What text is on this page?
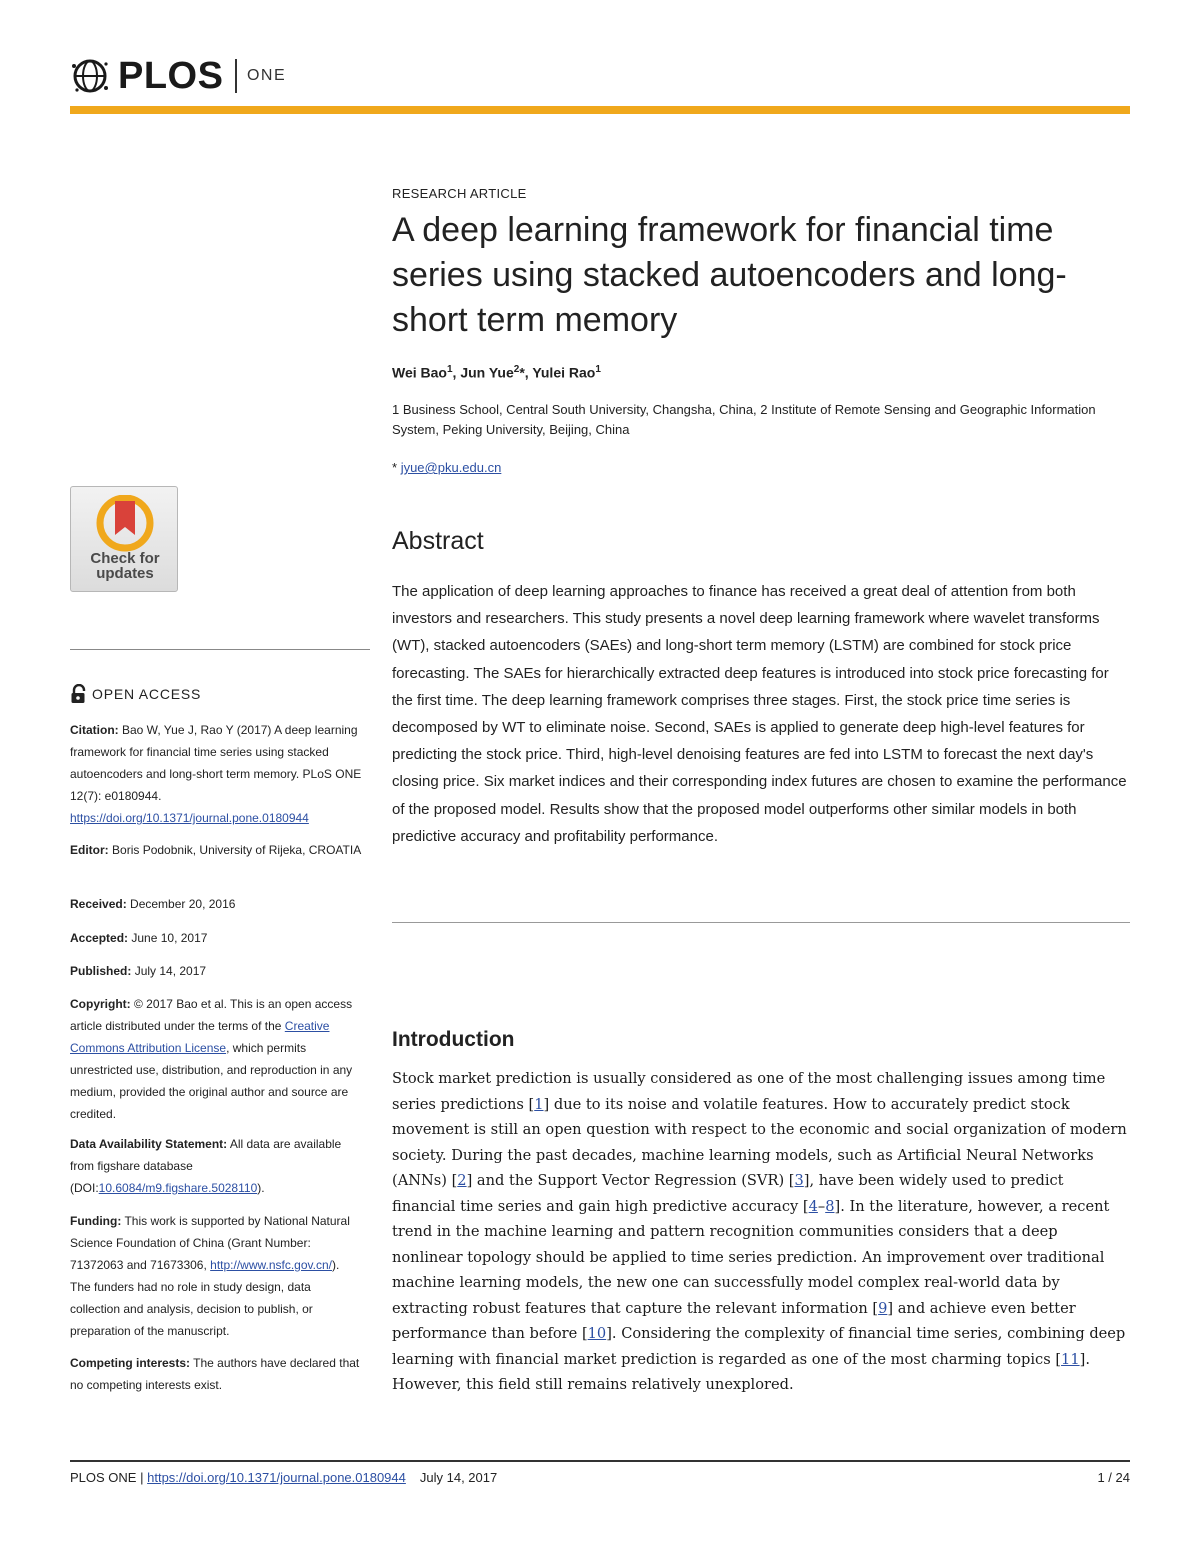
PLOS ONE
Check for
updates
OPEN ACCESS
Citation: Bao W, Yue J, Rao Y (2017) A deep learning framework for financial time series using stacked autoencoders and long-short term memory. PLoS ONE 12(7): e0180944. https://doi.org/10.1371/journal.pone.0180944
Editor: Boris Podobnik, University of Rijeka, CROATIA
Received: December 20, 2016
Accepted: June 10, 2017
Published: July 14, 2017
Copyright: © 2017 Bao et al. This is an open access article distributed under the terms of the Creative Commons Attribution License, which permits unrestricted use, distribution, and reproduction in any medium, provided the original author and source are credited.
Data Availability Statement: All data are available from figshare database (DOI:10.6084/m9.figshare.5028110).
Funding: This work is supported by National Natural Science Foundation of China (Grant Number: 71372063 and 71673306, http://www.nsfc.gov.cn/). The funders had no role in study design, data collection and analysis, decision to publish, or preparation of the manuscript.
Competing interests: The authors have declared that no competing interests exist.
RESEARCH ARTICLE
A deep learning framework for financial time series using stacked autoencoders and long-short term memory
Wei Bao$^1$, Jun Yue$^2$*, Yulei Rao$^1$
1 Business School, Central South University, Changsha, China, 2 Institute of Remote Sensing and Geographic Information System, Peking University, Beijing, China
* jyue@pku.edu.cn
Abstract

The application of deep learning approaches to finance has received a great deal of attention from both investors and researchers. This study presents a novel deep learning framework where wavelet transforms (WT), stacked autoencoders (SAEs) and long-short term memory (LSTM) are combined for stock price forecasting. The SAEs for hierarchically extracted deep features is introduced into stock price forecasting for the first time. The deep learning framework comprises three stages. First, the stock price time series is decomposed by WT to eliminate noise. Second, SAEs is applied to generate deep high-level features for predicting the stock price. Third, high-level denoising features are fed into LSTM to forecast the next day's closing price. Six market indices and their corresponding index futures are chosen to examine the performance of the proposed model. Results show that the proposed model outperforms other similar models in both predictive accuracy and profitability performance.

Introduction

Stock market prediction is usually considered as one of the most challenging issues among time series predictions [1] due to its noise and volatile features. How to accurately predict stock movement is still an open question with respect to the economic and social organization of modern society. During the past decades, machine learning models, such as Artificial Neural Networks (ANNs) [2] and the Support Vector Regression (SVR) [3], have been widely used to predict financial time series and gain high predictive accuracy [4–8]. In the literature, however, a recent trend in the machine learning and pattern recognition communities considers that a deep nonlinear topology should be applied to time series prediction. An improvement over traditional machine learning models, the new one can successfully model complex real-world data by extracting robust features that capture the relevant information [9] and achieve even better performance than before [10]. Considering the complexity of financial time series, combining deep learning with financial market prediction is regarded as one of the most charming topics [11]. However, this field still remains relatively unexplored.

PLOS ONE
|
https://doi.org/10.1371/journal.pone.0180944 July 14, 2017	1 / 24
